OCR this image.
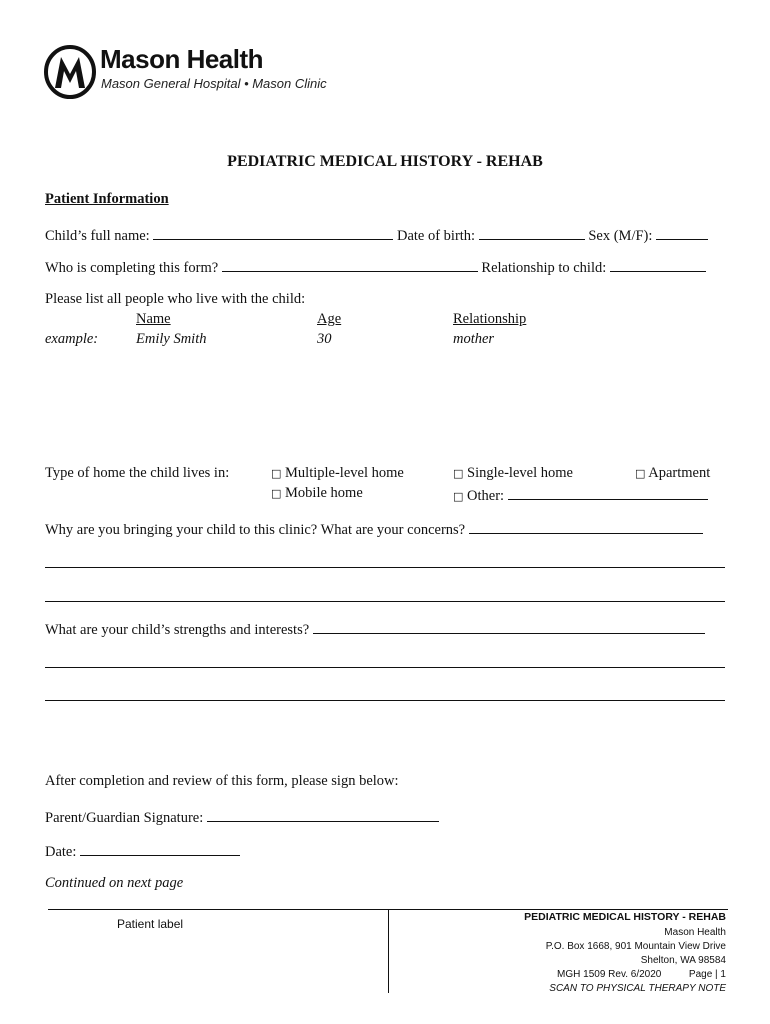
Mason Health
Mason General Hospital • Mason Clinic
PEDIATRIC MEDICAL HISTORY - REHAB
Patient Information
Child’s full name:	Date of birth:	Sex (M/F):
Who is completing this form?	Relationship to child:
Please list all people who live with the child:
Name	Age	Relationship
example:	Emily Smith	30	mother
Type of home the child lives in:	□ Multiple-level home	□ Single-level home	□ Apartment
□ Mobile home	□ Other:
Why are you bringing your child to this clinic? What are your concerns?
What are your child’s strengths and interests?
After completion and review of this form, please sign below:
Parent/Guardian Signature:
Date:
Continued on next page
Patient label	PEDIATRIC MEDICAL HISTORY - REHAB
Mason Health
P.O. Box 1668, 901 Mountain View Drive
Shelton, WA 98584
MGH 1509 Rev. 6/2020	Page | 1
SCAN TO PHYSICAL THERAPY NOTE
